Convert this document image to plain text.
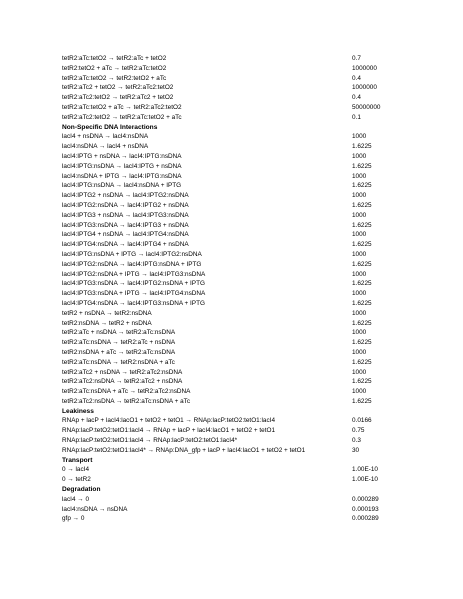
tetR2:aTc:tetO2 → tetR2:aTc + tetO2	0.7
tetR2:tetO2 + aTc → tetR2:aTc:tetO2	1000000
tetR2:aTc:tetO2 → tetR2:tetO2 + aTc	0.4
tetR2:aTc2 + tetO2 → tetR2:aTc2:tetO2	1000000
tetR2:aTc2:tetO2 → tetR2:aTc2 + tetO2	0.4
tetR2:aTc:tetO2 + aTc → tetR2:aTc2:tetO2	50000000
tetR2:aTc2:tetO2 → tetR2:aTc:tetO2 + aTc	0.1
Non-Specific DNA Interactions
lacI4 + nsDNA → lacI4:nsDNA	1000
lacI4:nsDNA → lacI4 + nsDNA	1.6225
lacI4:IPTG + nsDNA → lacI4:IPTG:nsDNA	1000
lacI4:IPTG:nsDNA → lacI4:IPTG + nsDNA	1.6225
lacI4:nsDNA + IPTG → lacI4:IPTG:nsDNA	1000
lacI4:IPTG:nsDNA → lacI4:nsDNA + IPTG	1.6225
lacI4:IPTG2 + nsDNA → lacI4:IPTG2:nsDNA	1000
lacI4:IPTG2:nsDNA → lacI4:IPTG2 + nsDNA	1.6225
lacI4:IPTG3 + nsDNA → lacI4:IPTG3:nsDNA	1000
lacI4:IPTG3:nsDNA → lacI4:IPTG3 + nsDNA	1.6225
lacI4:IPTG4 + nsDNA → lacI4:IPTG4:nsDNA	1000
lacI4:IPTG4:nsDNA → lacI4:IPTG4 + nsDNA	1.6225
lacI4:IPTG:nsDNA + IPTG → lacI4:IPTG2:nsDNA	1000
lacI4:IPTG2:nsDNA → lacI4:IPTG:nsDNA + IPTG	1.6225
lacI4:IPTG2:nsDNA + IPTG → lacI4:IPTG3:nsDNA	1000
lacI4:IPTG3:nsDNA → lacI4:IPTG2:nsDNA + IPTG	1.6225
lacI4:IPTG3:nsDNA + IPTG → lacI4:IPTG4:nsDNA	1000
lacI4:IPTG4:nsDNA → lacI4:IPTG3:nsDNA + IPTG	1.6225
tetR2 + nsDNA → tetR2:nsDNA	1000
tetR2:nsDNA → tetR2 + nsDNA	1.6225
tetR2:aTc + nsDNA → tetR2:aTc:nsDNA	1000
tetR2:aTc:nsDNA → tetR2:aTc + nsDNA	1.6225
tetR2:nsDNA + aTc → tetR2:aTc:nsDNA	1000
tetR2:aTc:nsDNA → tetR2:nsDNA + aTc	1.6225
tetR2:aTc2 + nsDNA → tetR2:aTc2:nsDNA	1000
tetR2:aTc2:nsDNA → tetR2:aTc2 + nsDNA	1.6225
tetR2:aTc:nsDNA + aTc → tetR2:aTc2:nsDNA	1000
tetR2:aTc2:nsDNA → tetR2:aTc:nsDNA + aTc	1.6225
Leakiness
RNAp + lacP + lacI4:lacO1 + tetO2 + tetO1 → RNAp:lacP:tetO2:tetO1:lacI4	0.0166
RNAp:lacP:tetO2:tetO1:lacI4 → RNAp + lacP + lacI4:lacO1 + tetO2 + tetO1	0.75
RNAp:lacP:tetO2:tetO1:lacI4 → RNAp:lacP:tetO2:tetO1:lacI4*	0.3
RNAp:lacP:tetO2:tetO1:lacI4* → RNAp:DNA_gfp + lacP + lacI4:lacO1 + tetO2 + tetO1	30
Transport
0 → lacI4	1.00E-10
0 → tetR2	1.00E-10
Degradation
lacI4 → 0	0.000289
lacI4:nsDNA → nsDNA	0.000193
gfp → 0	0.000289
